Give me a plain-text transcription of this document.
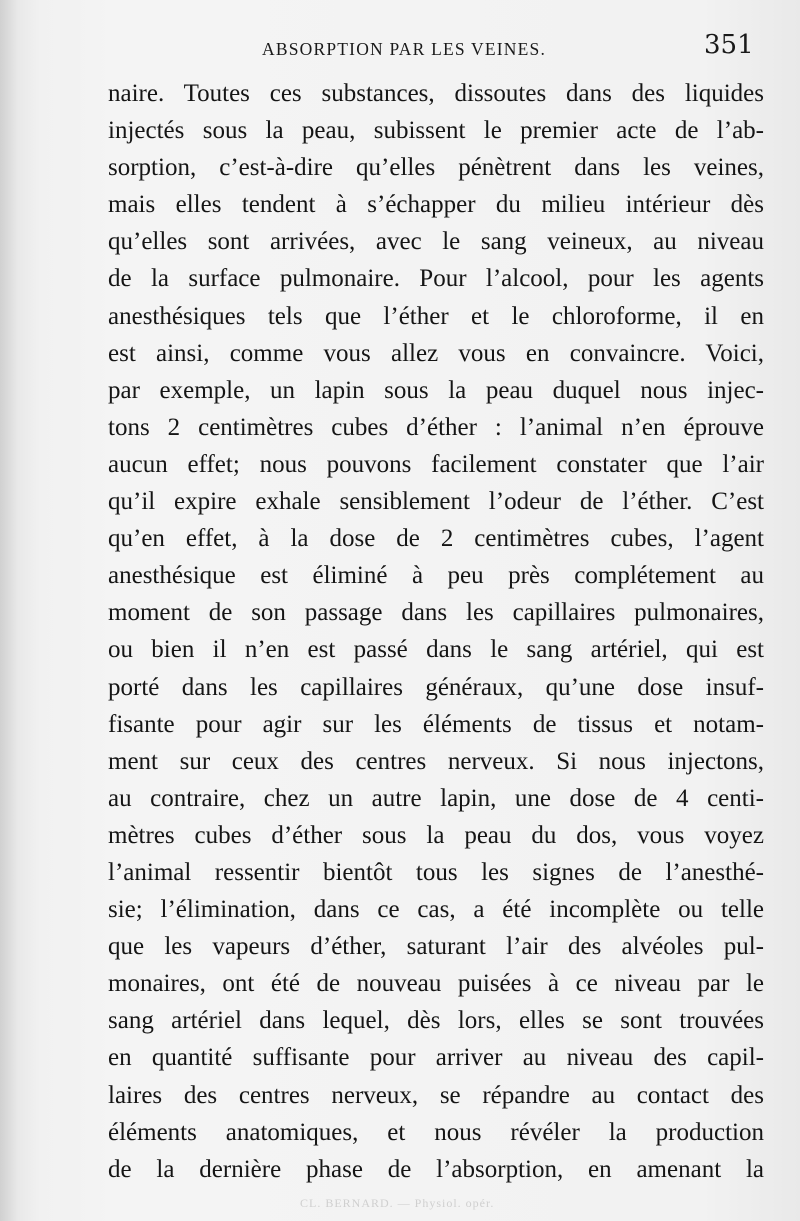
ABSORPTION PAR LES VEINES.	351
naire. Toutes ces substances, dissoutes dans des liquides
injectés sous la peau, subissent le premier acte de l’ab-
sorption, c’est-à-dire qu’elles pénètrent dans les veines,
mais elles tendent à s’échapper du milieu intérieur dès
qu’elles sont arrivées, avec le sang veineux, au niveau
de la surface pulmonaire. Pour l’alcool, pour les agents
anesthésiques tels que l’éther et le chloroforme, il en
est ainsi, comme vous allez vous en convaincre. Voici,
par exemple, un lapin sous la peau duquel nous injec-
tons 2 centimètres cubes d’éther : l’animal n’en éprouve
aucun effet; nous pouvons facilement constater que l’air
qu’il expire exhale sensiblement l’odeur de l’éther. C’est
qu’en effet, à la dose de 2 centimètres cubes, l’agent
anesthésique est éliminé à peu près complétement au
moment de son passage dans les capillaires pulmonaires,
ou bien il n’en est passé dans le sang artériel, qui est
porté dans les capillaires généraux, qu’une dose insuf-
fisante pour agir sur les éléments de tissus et notam-
ment sur ceux des centres nerveux. Si nous injectons,
au contraire, chez un autre lapin, une dose de 4 centi-
mètres cubes d’éther sous la peau du dos, vous voyez
l’animal ressentir bientôt tous les signes de l’anesthé-
sie; l’élimination, dans ce cas, a été incomplète ou telle
que les vapeurs d’éther, saturant l’air des alvéoles pul-
monaires, ont été de nouveau puisées à ce niveau par le
sang artériel dans lequel, dès lors, elles se sont trouvées
en quantité suffisante pour arriver au niveau des capil-
laires des centres nerveux, se répandre au contact des
éléments anatomiques, et nous révéler la production
de la dernière phase de l’absorption, en amenant la
CL. BERNARD. — Physiol. opér.
